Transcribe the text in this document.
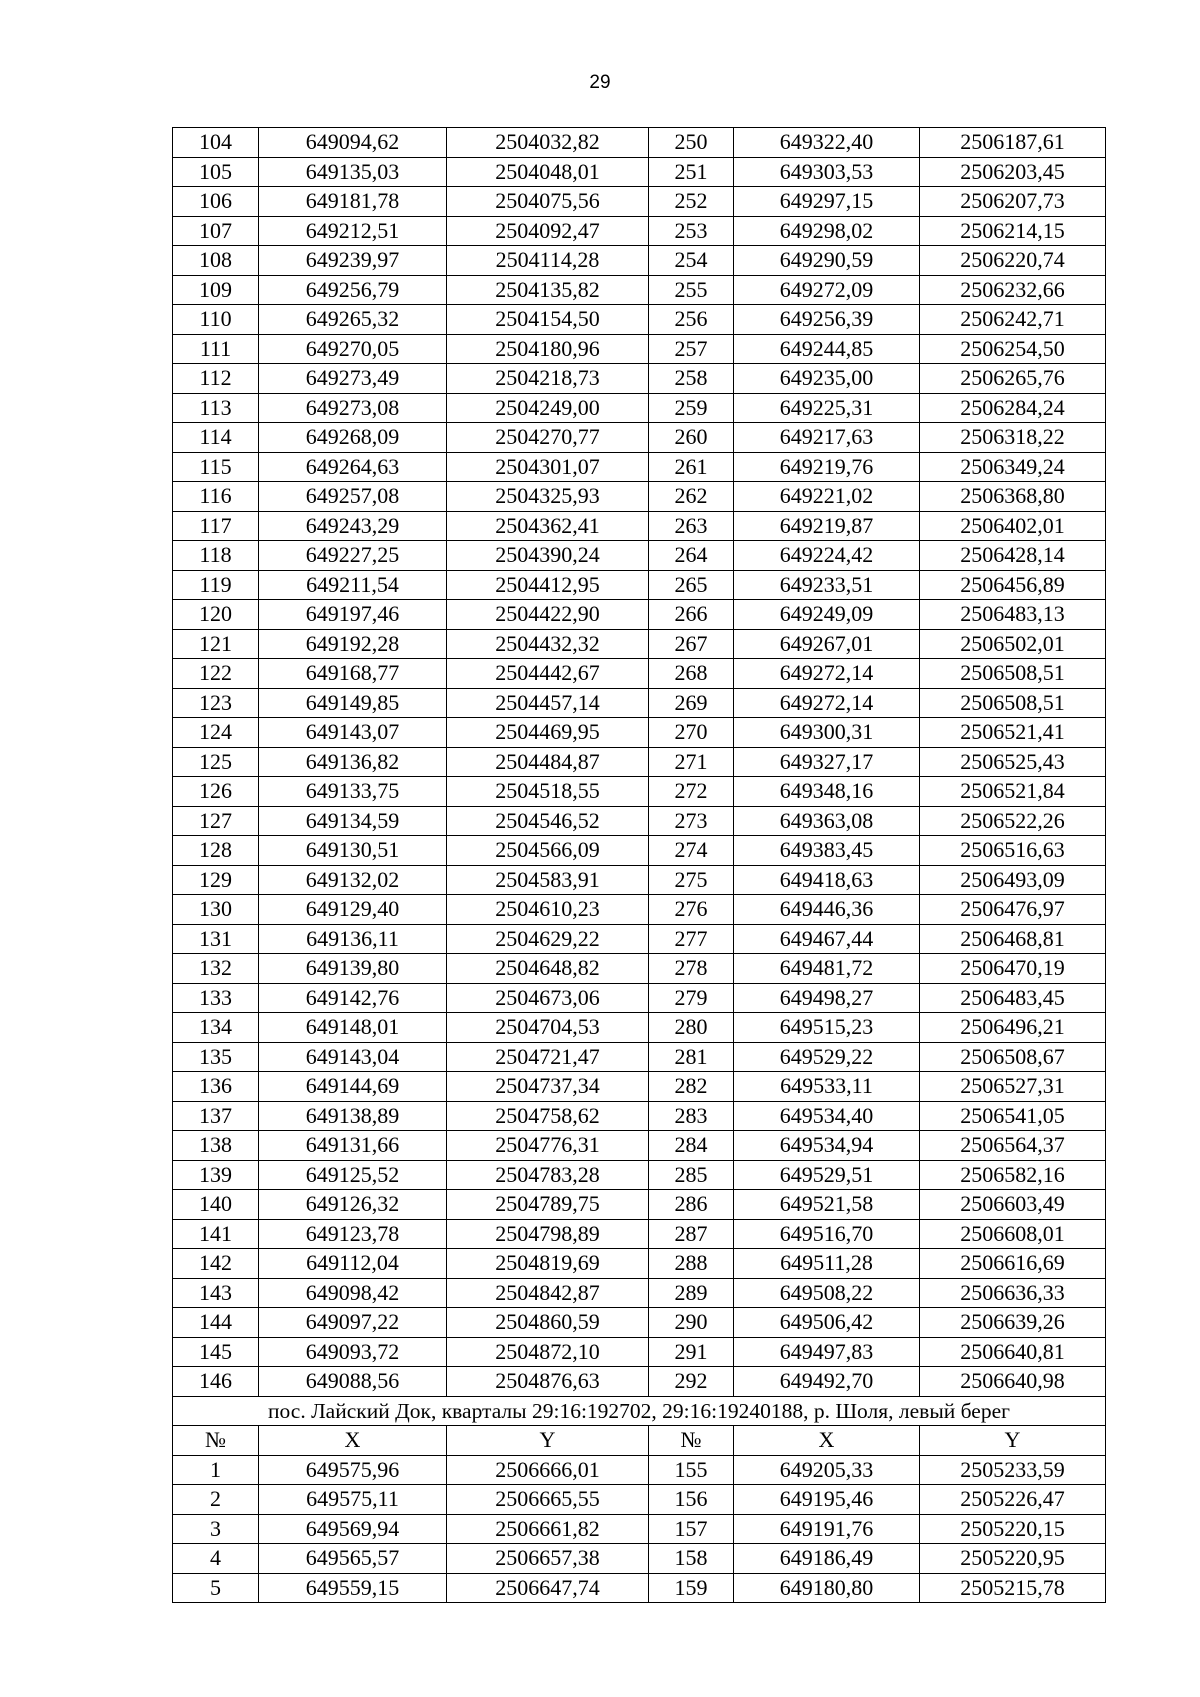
29
104	649094,62	2504032,82	250	649322,40	2506187,61
105	649135,03	2504048,01	251	649303,53	2506203,45
106	649181,78	2504075,56	252	649297,15	2506207,73
107	649212,51	2504092,47	253	649298,02	2506214,15
108	649239,97	2504114,28	254	649290,59	2506220,74
109	649256,79	2504135,82	255	649272,09	2506232,66
110	649265,32	2504154,50	256	649256,39	2506242,71
111	649270,05	2504180,96	257	649244,85	2506254,50
112	649273,49	2504218,73	258	649235,00	2506265,76
113	649273,08	2504249,00	259	649225,31	2506284,24
114	649268,09	2504270,77	260	649217,63	2506318,22
115	649264,63	2504301,07	261	649219,76	2506349,24
116	649257,08	2504325,93	262	649221,02	2506368,80
117	649243,29	2504362,41	263	649219,87	2506402,01
118	649227,25	2504390,24	264	649224,42	2506428,14
119	649211,54	2504412,95	265	649233,51	2506456,89
120	649197,46	2504422,90	266	649249,09	2506483,13
121	649192,28	2504432,32	267	649267,01	2506502,01
122	649168,77	2504442,67	268	649272,14	2506508,51
123	649149,85	2504457,14	269	649272,14	2506508,51
124	649143,07	2504469,95	270	649300,31	2506521,41
125	649136,82	2504484,87	271	649327,17	2506525,43
126	649133,75	2504518,55	272	649348,16	2506521,84
127	649134,59	2504546,52	273	649363,08	2506522,26
128	649130,51	2504566,09	274	649383,45	2506516,63
129	649132,02	2504583,91	275	649418,63	2506493,09
130	649129,40	2504610,23	276	649446,36	2506476,97
131	649136,11	2504629,22	277	649467,44	2506468,81
132	649139,80	2504648,82	278	649481,72	2506470,19
133	649142,76	2504673,06	279	649498,27	2506483,45
134	649148,01	2504704,53	280	649515,23	2506496,21
135	649143,04	2504721,47	281	649529,22	2506508,67
136	649144,69	2504737,34	282	649533,11	2506527,31
137	649138,89	2504758,62	283	649534,40	2506541,05
138	649131,66	2504776,31	284	649534,94	2506564,37
139	649125,52	2504783,28	285	649529,51	2506582,16
140	649126,32	2504789,75	286	649521,58	2506603,49
141	649123,78	2504798,89	287	649516,70	2506608,01
142	649112,04	2504819,69	288	649511,28	2506616,69
143	649098,42	2504842,87	289	649508,22	2506636,33
144	649097,22	2504860,59	290	649506,42	2506639,26
145	649093,72	2504872,10	291	649497,83	2506640,81
146	649088,56	2504876,63	292	649492,70	2506640,98
пос. Лайский Док, кварталы 29:16:192702, 29:16:19240188, р. Шоля, левый берег					
№	X	Y	№	X	Y
1	649575,96	2506666,01	155	649205,33	2505233,59
2	649575,11	2506665,55	156	649195,46	2505226,47
3	649569,94	2506661,82	157	649191,76	2505220,15
4	649565,57	2506657,38	158	649186,49	2505220,95
5	649559,15	2506647,74	159	649180,80	2505215,78
